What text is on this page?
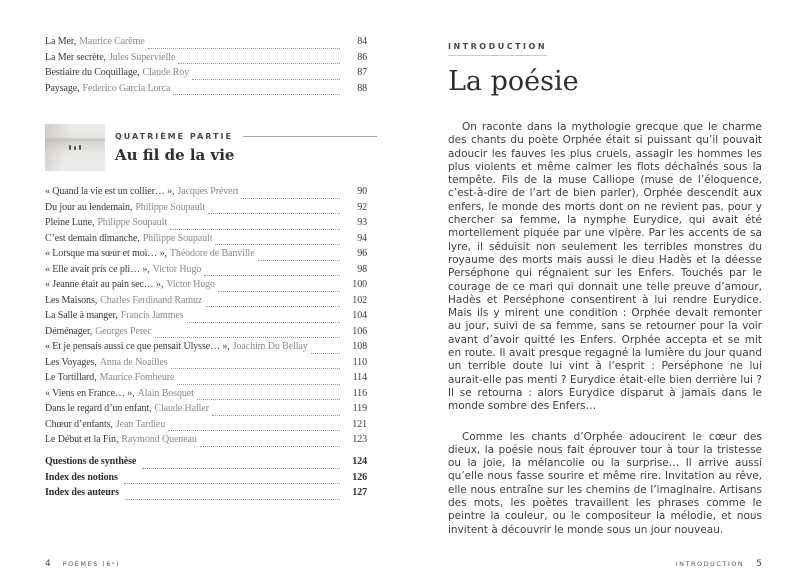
La Mer, Maurice Carême	84
La Mer secrète, Jules Supervielle	86
Bestiaire du Coquillage, Claude Roy	87
Paysage, Federico Garcia Lorca	88
QUATRIÈME PARTIE
Au fil de la vie
« Quand la vie est un collier… », Jacques Prévert	90
Du jour au lendemain, Philippe Soupault	92
Pleine Lune, Philippe Soupault	93
C’est demain dimanche, Philippe Soupault	94
« Lorsque ma sœur et moi… », Théodore de Banville	96
« Elle avait pris ce pli… », Victor Hugo	98
« Jeanne était au pain sec… », Victor Hugo	100
Les Maisons, Charles Ferdinand Ramuz	102
La Salle à manger, Francis Jammes	104
Déménager, Georges Perec	106
« Et je pensais aussi ce que pensait Ulysse… », Joachim Du Bellay	108
Les Voyages, Anna de Noailles	110
Le Tortillard, Maurice Fombeure	114
« Viens en France… », Alain Bosquet	116
Dans le regard d’un enfant, Claude Haller	119
Chœur d’enfants, Jean Tardieu	121
Le Début et la Fin, Raymond Queneau	123
Questions de synthèse	124
Index des notions	126
Index des auteurs	127
4 POÈMES (6ᵉ)
INTRODUCTION
La poésie

On raconte dans la mythologie grecque que le charme des chants du poète Orphée était si puissant qu’il pouvait adoucir les fauves les plus cruels, assagir les hommes les plus violents et même calmer les flots déchaînés sous la tempête. Fils de la muse Calliope (muse de l’éloquence, c’est-à-dire de l’art de bien parler), Orphée descendit aux enfers, le monde des morts dont on ne revient pas, pour y chercher sa femme, la nymphe Eurydice, qui avait été mortellement piquée par une vipère. Par les accents de sa lyre, il séduisit non seulement les terribles monstres du royaume des morts mais aussi le dieu Hadès et la déesse Perséphone qui régnaient sur les Enfers. Touchés par le courage de ce mari qui donnait une telle preuve d’amour, Hadès et Perséphone consentirent à lui rendre Eurydice. Mais ils y mirent une condition : Orphée devait remonter au jour, suivi de sa femme, sans se retourner pour la voir avant d’avoir quitté les Enfers. Orphée accepta et se mit en route. Il avait presque regagné la lumière du jour quand un terrible doute lui vint à l’esprit : Perséphone ne lui aurait-elle pas menti ? Eurydice était-elle bien derrière lui ? Il se retourna : alors Eurydice disparut à jamais dans le monde sombre des Enfers…

Comme les chants d’Orphée adoucirent le cœur des dieux, la poésie nous fait éprouver tour à tour la tristesse ou la joie, la mélancolie ou la surprise… Il arrive aussi qu’elle nous fasse sourire et même rire. Invitation au rêve, elle nous entraîne sur les chemins de l’imaginaire. Artisans des mots, les poètes travaillent les phrases comme le peintre la couleur, ou le compositeur la mélodie, et nous invitent à découvrir le monde sous un jour nouveau.

INTRODUCTION 5
